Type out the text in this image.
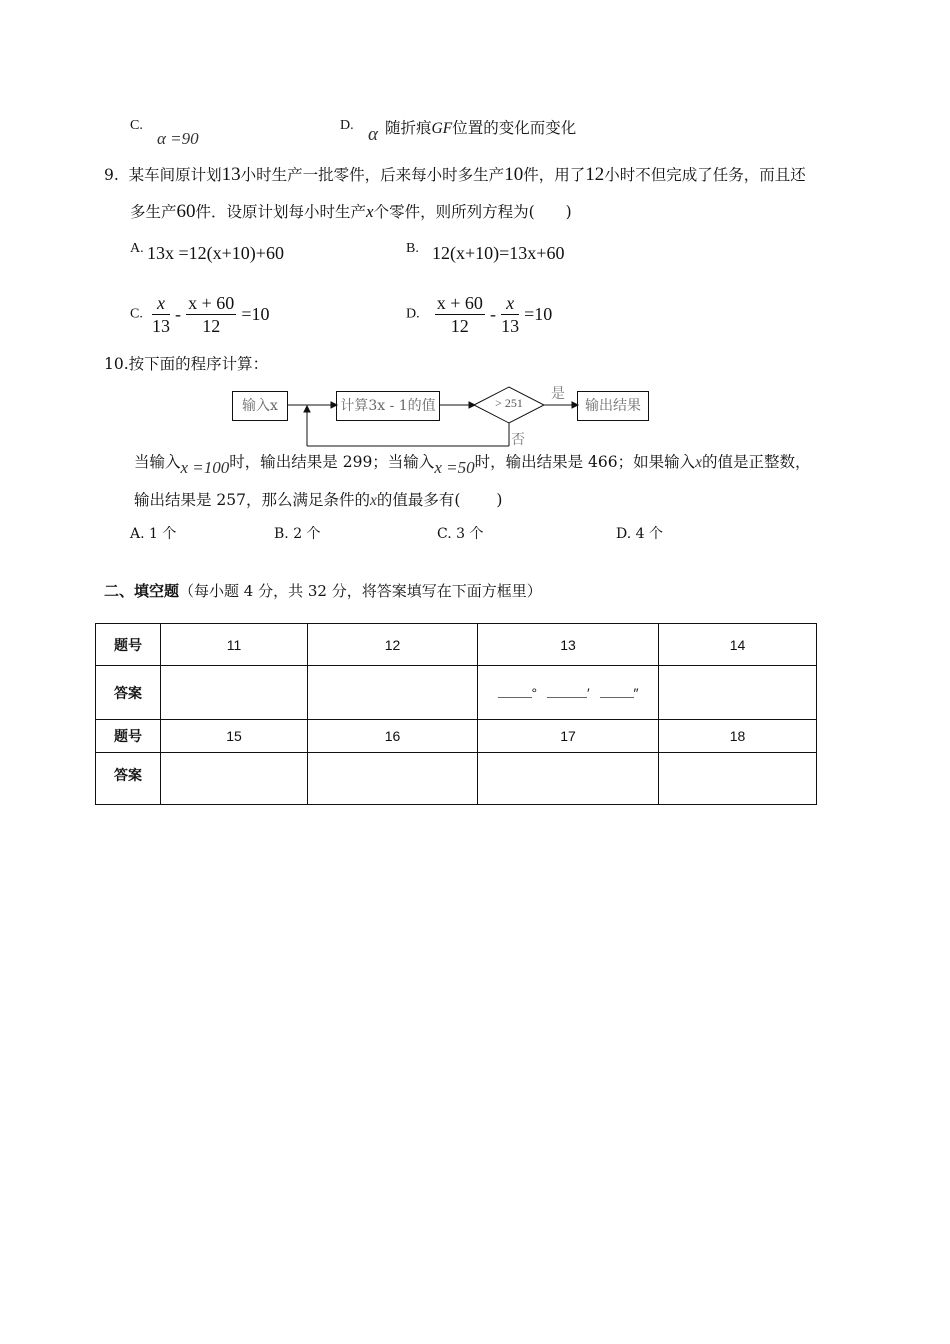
C.
α =90
D. α 随折痕GF位置的变化而变化
9. 某车间原计划13小时生产一批零件，后来每小时多生产10件，用了12小时不但完成了任务，而且还
多生产60件．设原计划每小时生产x个零件，则所列方程为(　　)
A. 13x =12(x+10)+60	B. 12(x+10)=13x+60
C. $\frac{x}{13} - \frac{x + 60}{12} =10$	D. $\frac{x + 60}{12} - \frac{x}{13} =10$
10.按下面的程序计算：
输入x	计算3x - 1的值	> 251
是
否
输出结果
当输入x =100时，输出结果是 299；当输入x =50时，输出结果是 466；如果输入x的值是正整数，
输出结果是 257，那么满足条件的x的值最多有(　　 )
A. 1 个	B. 2 个	C. 3 个	D. 4 个
二、填空题（每小题 4 分，共 32 分，将答案填写在下面方框里）
题号	11	12	13	14
答案			° ′ ″	
题号	15	16	17	18
答案				
